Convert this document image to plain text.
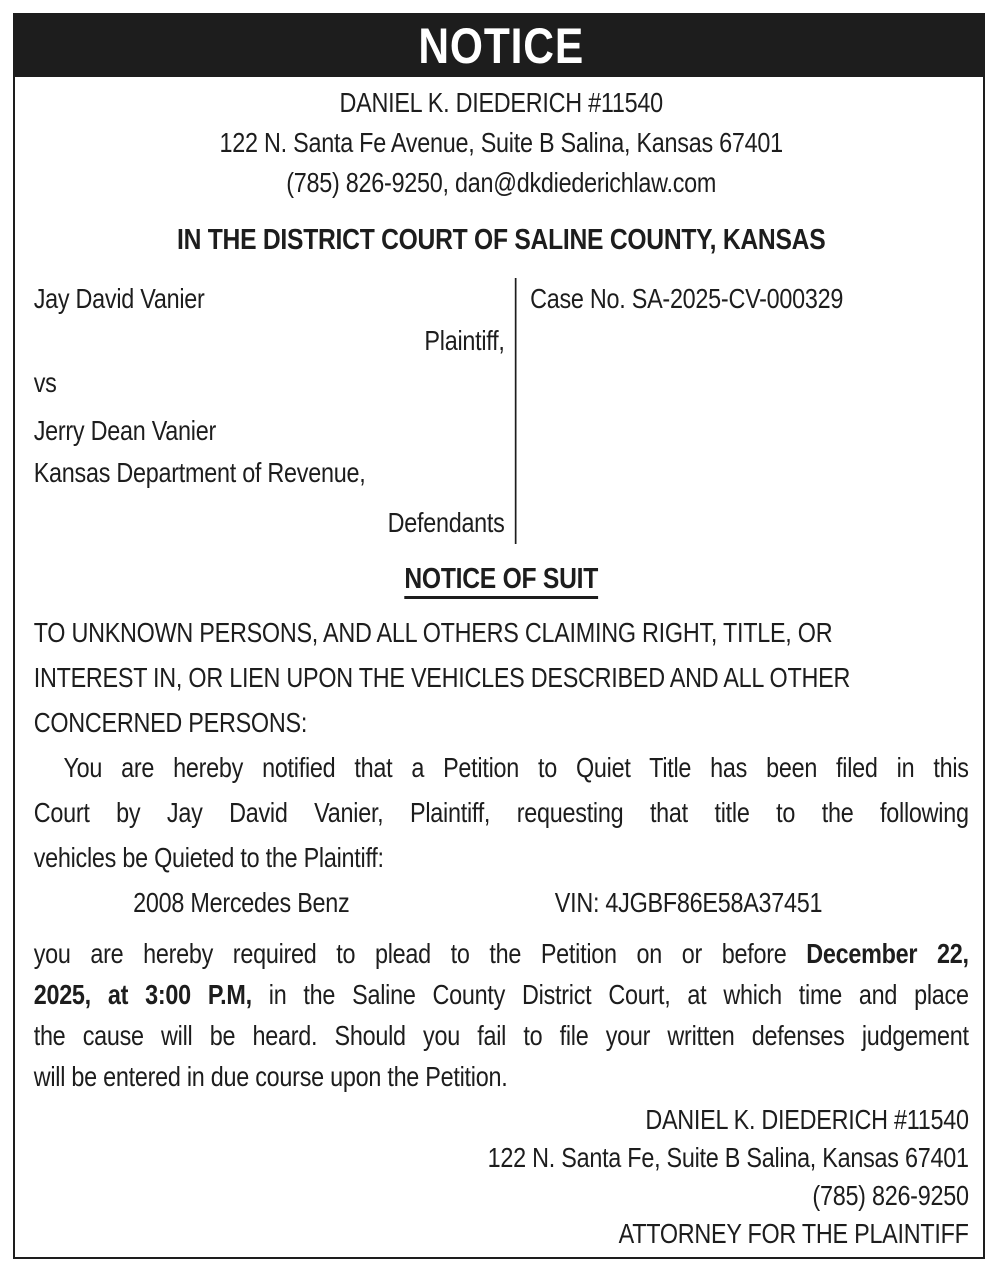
NOTICE
DANIEL K. DIEDERICH #11540
122 N. Santa Fe Avenue, Suite B Salina, Kansas 67401
(785) 826-9250, dan@dkdiederichlaw.com
IN THE DISTRICT COURT OF SALINE COUNTY, KANSAS
Jay David Vanier
Plaintiff,
vs
Jerry Dean Vanier
Kansas Department of Revenue,
Defendants
Case No. SA-2025-CV-000329
NOTICE OF SUIT
TO UNKNOWN PERSONS, AND ALL OTHERS CLAIMING RIGHT, TITLE, OR
INTEREST IN, OR LIEN UPON THE VEHICLES DESCRIBED AND ALL OTHER
CONCERNED PERSONS:
You are hereby notified that a Petition to Quiet Title has been filed in this
Court by Jay David Vanier, Plaintiff, requesting that title to the following
vehicles be Quieted to the Plaintiff:
2008 Mercedes Benz	VIN: 4JGBF86E58A37451
you are hereby required to plead to the Petition on or before December 22,
2025, at 3:00 P.M, in the Saline County District Court, at which time and place
the cause will be heard. Should you fail to file your written defenses judgement
will be entered in due course upon the Petition.
DANIEL K. DIEDERICH #11540
122 N. Santa Fe, Suite B Salina, Kansas 67401
(785) 826-9250
ATTORNEY FOR THE PLAINTIFF
